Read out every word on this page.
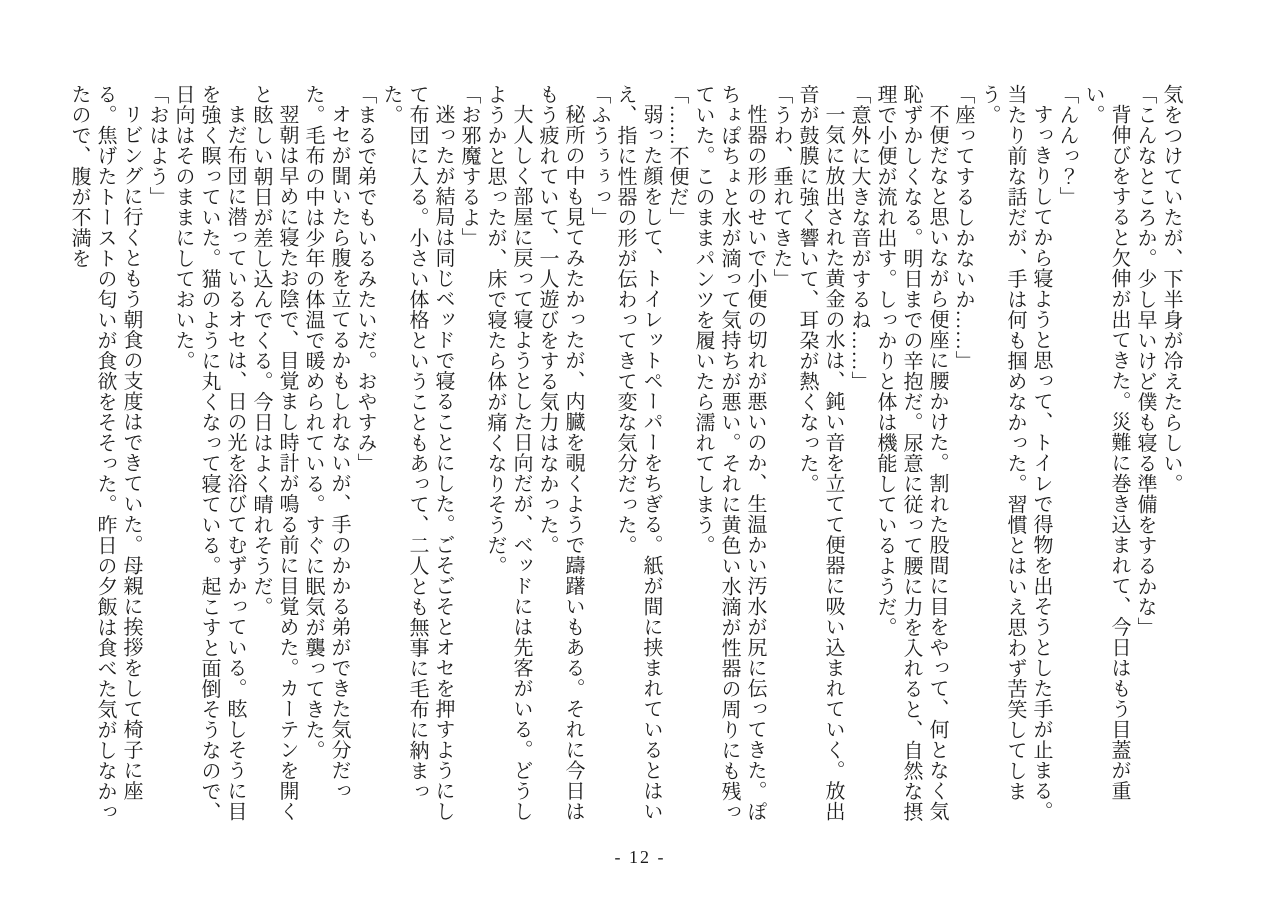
気をつけていたが、下半身が冷えたらしい。

「こんなところか。少し早いけど僕も寝る準備をするかな」

背伸びをすると欠伸が出てきた。災難に巻き込まれて、今日はもう目蓋が重い。

「んんっ？」

すっきりしてから寝ようと思って、トイレで得物を出そうとした手が止まる。当たり前な話だが、手は何も掴めなかった。習慣とはいえ思わず苦笑してしまう。

「座ってするしかないか……」

不便だなと思いながら便座に腰かけた。割れた股間に目をやって、何となく気恥ずかしくなる。明日までの辛抱だ。尿意に従って腰に力を入れると、自然な摂理で小便が流れ出す。しっかりと体は機能しているようだ。

「意外に大きな音がするね……」

一気に放出された黄金の水は、鈍い音を立てて便器に吸い込まれていく。放出音が鼓膜に強く響いて、耳朶が熱くなった。

「うわ、垂れてきた」

性器の形のせいで小便の切れが悪いのか、生温かい汚水が尻に伝ってきた。ぽちょぽちょと水が滴って気持ちが悪い。それに黄色い水滴が性器の周りにも残っていた。このままパンツを履いたら濡れてしまう。

「……不便だ」

弱った顔をして、トイレットペーパーをちぎる。紙が間に挟まれているとはいえ、指に性器の形が伝わってきて変な気分だった。

「ふうぅぅっ」

秘所の中も見てみたかったが、内臓を覗くようで躊躇いもある。それに今日はもう疲れていて、一人遊びをする気力はなかった。

大人しく部屋に戻って寝ようとした日向だが、ベッドには先客がいる。どうしようかと思ったが、床で寝たら体が痛くなりそうだ。

「お邪魔するよ」

迷ったが結局は同じベッドで寝ることにした。ごそごそとオセを押すようにして布団に入る。小さい体格ということもあって、二人とも無事に毛布に納まった。

「まるで弟でもいるみたいだ。おやすみ」

オセが聞いたら腹を立てるかもしれないが、手のかかる弟ができた気分だった。毛布の中は少年の体温で暖められている。すぐに眠気が襲ってきた。

翌朝は早めに寝たお陰で、目覚まし時計が鳴る前に目覚めた。カーテンを開くと眩しい朝日が差し込んでくる。今日はよく晴れそうだ。

まだ布団に潜っているオセは、日の光を浴びてむずかっている。眩しそうに目を強く瞑っていた。猫のように丸くなって寝ている。起こすと面倒そうなので、日向はそのままにしておいた。

「おはよう」

リビングに行くともう朝食の支度はできていた。母親に挨拶をして椅子に座る。焦げたトーストの匂いが食欲をそそった。昨日の夕飯は食べた気がしなかったので、腹が不満を

- 12 -
